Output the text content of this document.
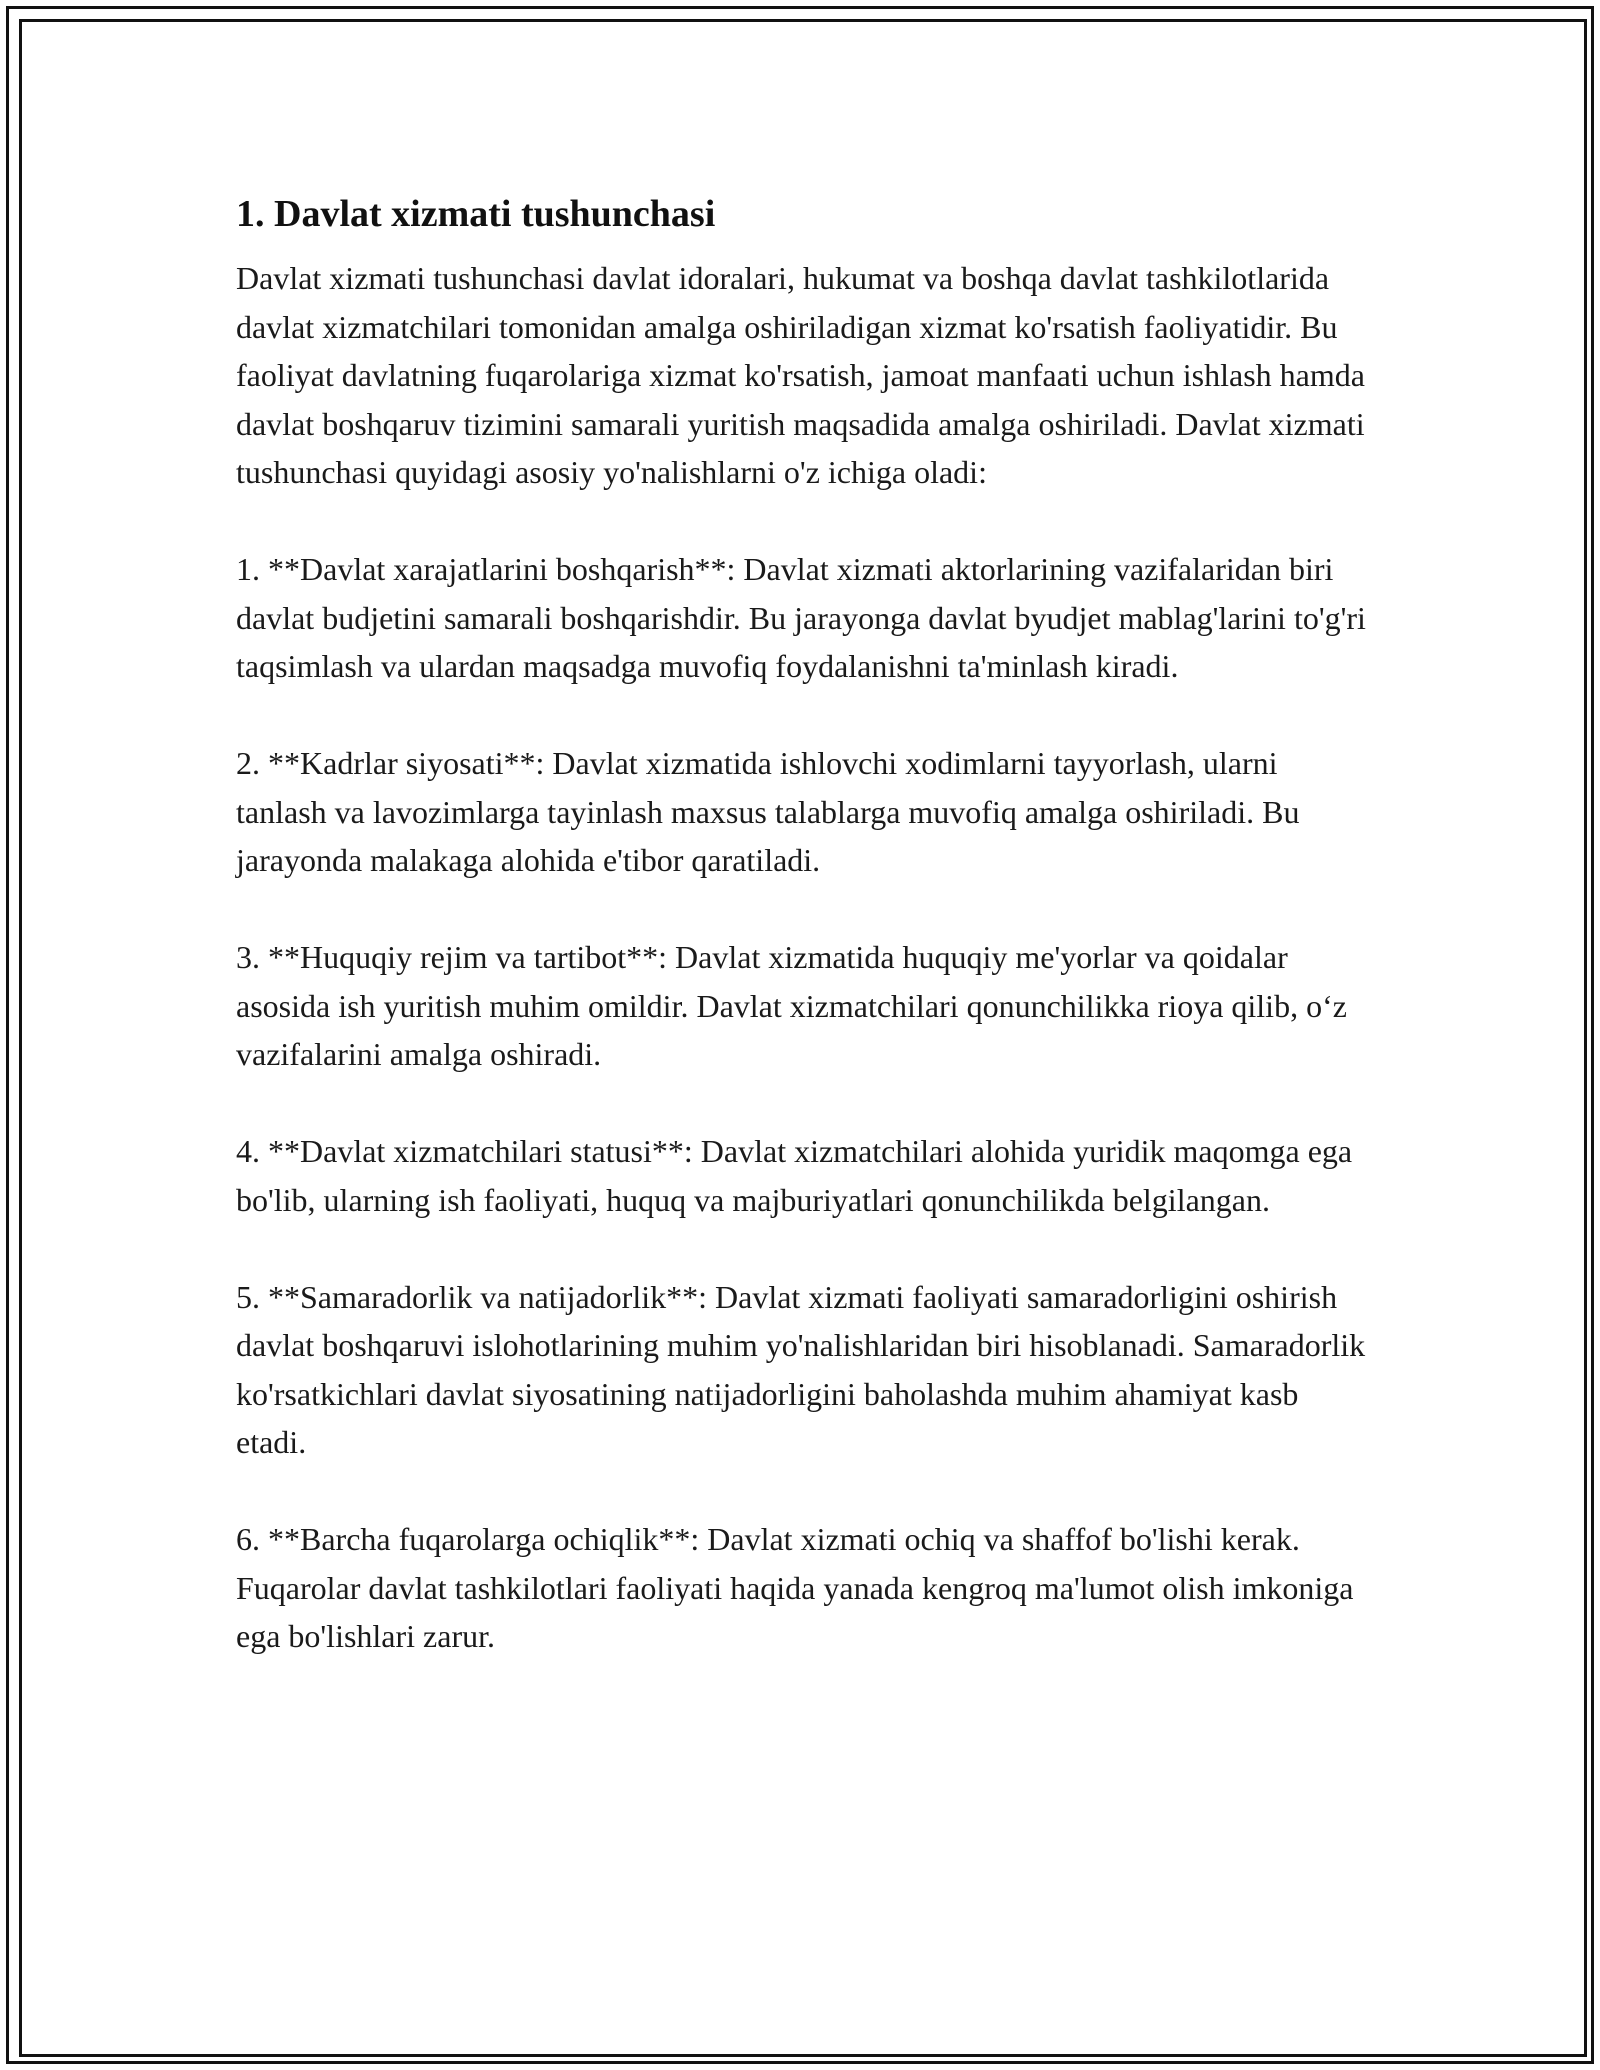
1. Davlat xizmati tushunchasi

Davlat xizmati tushunchasi davlat idoralari, hukumat va boshqa davlat tashkilotlarida davlat xizmatchilari tomonidan amalga oshiriladigan xizmat ko'rsatish faoliyatidir. Bu faoliyat davlatning fuqarolariga xizmat ko'rsatish, jamoat manfaati uchun ishlash hamda davlat boshqaruv tizimini samarali yuritish maqsadida amalga oshiriladi. Davlat xizmati tushunchasi quyidagi asosiy yo'nalishlarni o'z ichiga oladi:

1. **Davlat xarajatlarini boshqarish**: Davlat xizmati aktorlarining vazifalaridan biri davlat budjetini samarali boshqarishdir. Bu jarayonga davlat byudjet mablag'larini to'g'ri taqsimlash va ulardan maqsadga muvofiq foydalanishni ta'minlash kiradi.

2. **Kadrlar siyosati**: Davlat xizmatida ishlovchi xodimlarni tayyorlash, ularni tanlash va lavozimlarga tayinlash maxsus talablarga muvofiq amalga oshiriladi. Bu jarayonda malakaga alohida e'tibor qaratiladi.

3. **Huquqiy rejim va tartibot**: Davlat xizmatida huquqiy me'yorlar va qoidalar asosida ish yuritish muhim omildir. Davlat xizmatchilari qonunchilikka rioya qilib, o‘z vazifalarini amalga oshiradi.

4. **Davlat xizmatchilari statusi**: Davlat xizmatchilari alohida yuridik maqomga ega bo'lib, ularning ish faoliyati, huquq va majburiyatlari qonunchilikda belgilangan.

5. **Samaradorlik va natijadorlik**: Davlat xizmati faoliyati samaradorligini oshirish davlat boshqaruvi islohotlarining muhim yo'nalishlaridan biri hisoblanadi. Samaradorlik ko'rsatkichlari davlat siyosatining natijadorligini baholashda muhim ahamiyat kasb etadi.

6. **Barcha fuqarolarga ochiqlik**: Davlat xizmati ochiq va shaffof bo'lishi kerak. Fuqarolar davlat tashkilotlari faoliyati haqida yanada kengroq ma'lumot olish imkoniga ega bo'lishlari zarur.
